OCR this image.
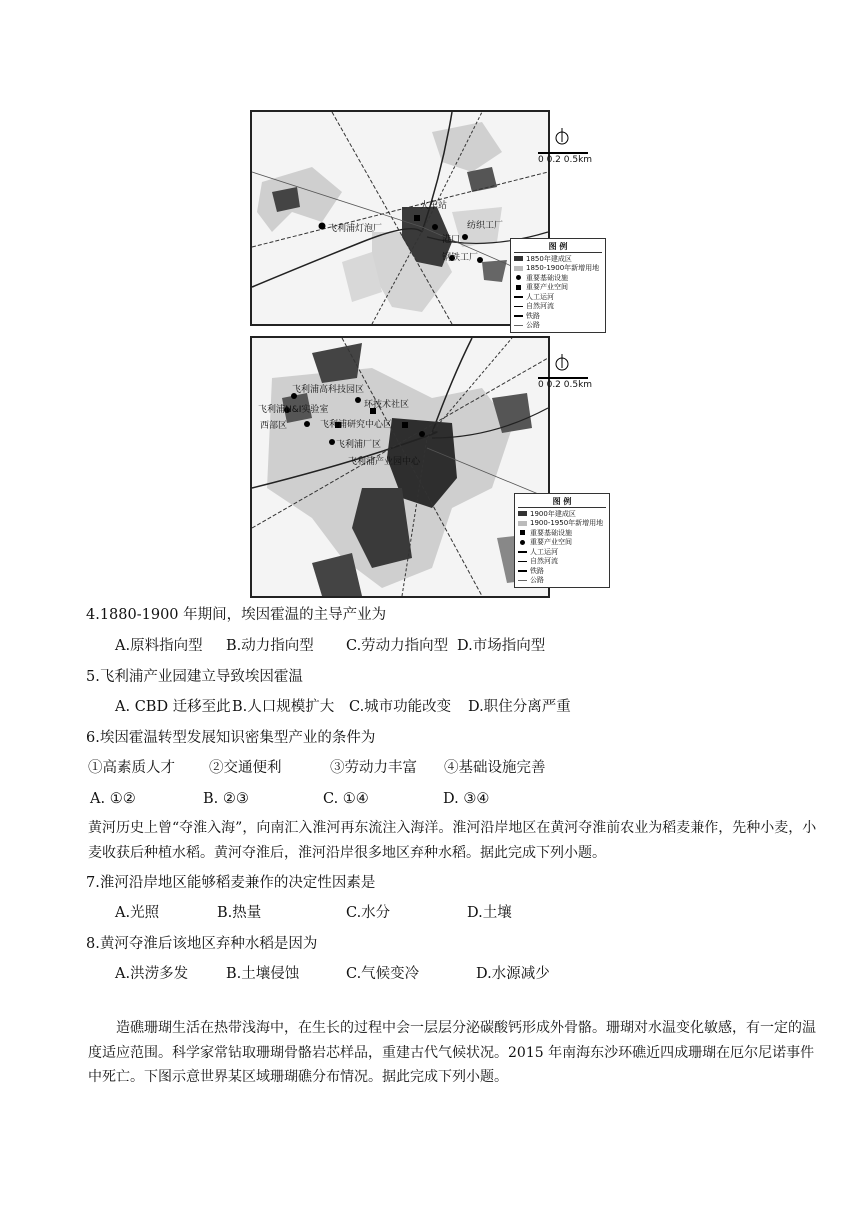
火车站
飞利浦灯泡厂	纺织工厂
港口
钢铁工厂
0 0.2 0.5km
图 例
1850年建成区
1850-1900年新增用地
重要基础设施
重要产业空间
人工运河
自然河流
铁路
公路
飞利浦高科技园区
飞利浦N&I实验室	环技术社区
飞利浦研究中心区
西部区
飞利浦厂区
飞利浦产业园中心
0 0.2 0.5km
图 例
1900年建成区
1900-1950年新增用地
重要基础设施
重要产业空间
人工运河
自然河流
铁路
公路
4.1880-1900 年期间，埃因霍温的主导产业为
A.原料指向型 B.动力指向型 C.劳动力指向型 D.市场指向型
5.飞利浦产业园建立导致埃因霍温
A. CBD 迁移至此 B.人口规模扩大 C.城市功能改变 D.职住分离严重
6.埃因霍温转型发展知识密集型产业的条件为
①高素质人才 ②交通便利	③劳动力丰富 ④基础设施完善
A. ①②	B. ②③	C. ①④	D. ③④

黄河历史上曾“夺淮入海”，向南汇入淮河再东流注入海洋。淮河沿岸地区在黄河夺淮前农业为稻麦兼作，先种小麦，小麦收获后种植水稻。黄河夺淮后，淮河沿岸很多地区弃种水稻。据此完成下列小题。

7.淮河沿岸地区能够稻麦兼作的决定性因素是
A.光照	B.热量	C.水分	D.土壤
8.黄河夺淮后该地区弃种水稻是因为
A.洪涝多发	B.土壤侵蚀	C.气候变冷	D.水源减少

造礁珊瑚生活在热带浅海中，在生长的过程中会一层层分泌碳酸钙形成外骨骼。珊瑚对水温变化敏感，有一定的温度适应范围。科学家常钻取珊瑚骨骼岩芯样品，重建古代气候状况。2015 年南海东沙环礁近四成珊瑚在厄尔尼诺事件中死亡。下图示意世界某区域珊瑚礁分布情况。据此完成下列小题。
